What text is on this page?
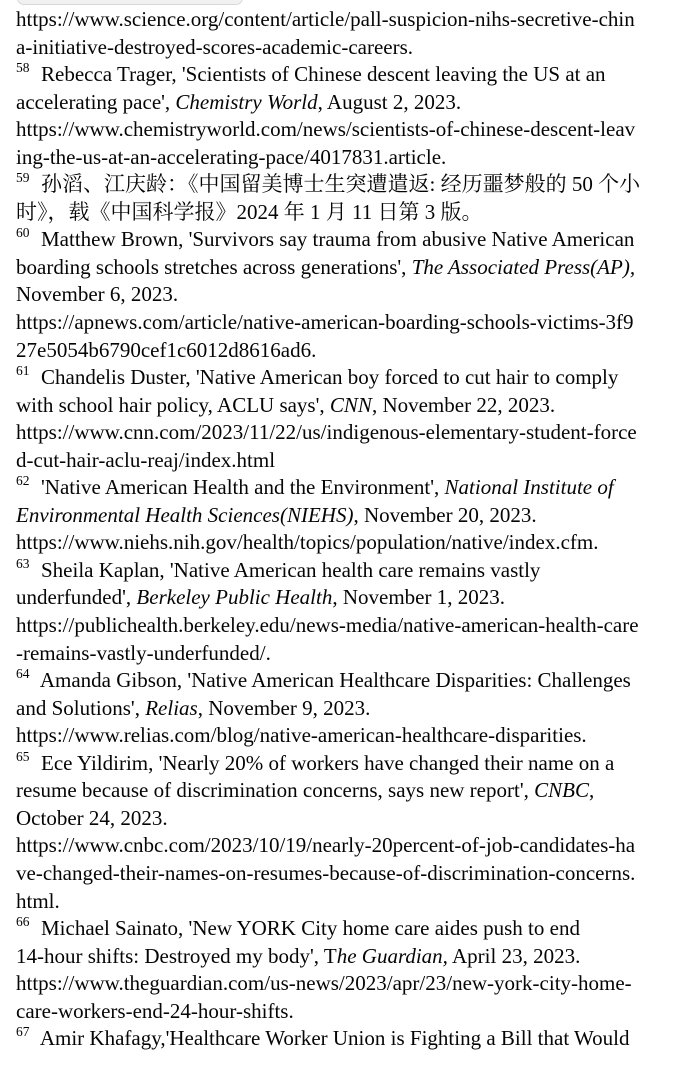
https://www.science.org/content/article/pall-suspicion-nihs-secretive-chin
a-initiative-destroyed-scores-academic-careers.
$^{58}$  Rebecca Trager, 'Scientists of Chinese descent leaving the US at an
accelerating pace', Chemistry World, August 2, 2023.
https://www.chemistryworld.com/news/scientists-of-chinese-descent-leav
ing-the-us-at-an-accelerating-pace/4017831.article.
$^{59}$  孙滔、江庆龄：《中国留美博士生突遭遣返: 经历噩梦般的 50 个小
时》，载《中国科学报》2024 年 1 月 11 日第 3 版。
$^{60}$  Matthew Brown, 'Survivors say trauma from abusive Native American
boarding schools stretches across generations', The Associated Press(AP),
November 6, 2023.
https://apnews.com/article/native-american-boarding-schools-victims-3f9
27e5054b6790cef1c6012d8616ad6.
$^{61}$  Chandelis Duster, 'Native American boy forced to cut hair to comply
with school hair policy, ACLU says', CNN, November 22, 2023.
https://www.cnn.com/2023/11/22/us/indigenous-elementary-student-force
d-cut-hair-aclu-reaj/index.html
$^{62}$  'Native American Health and the Environment', National Institute of
Environmental Health Sciences(NIEHS), November 20, 2023.
https://www.niehs.nih.gov/health/topics/population/native/index.cfm.
$^{63}$  Sheila Kaplan, 'Native American health care remains vastly
underfunded', Berkeley Public Health, November 1, 2023.
https://publichealth.berkeley.edu/news-media/native-american-health-care
-remains-vastly-underfunded/.
$^{64}$  Amanda Gibson, 'Native American Healthcare Disparities: Challenges
and Solutions', Relias, November 9, 2023.
https://www.relias.com/blog/native-american-healthcare-disparities.
$^{65}$  Ece Yildirim, 'Nearly 20% of workers have changed their name on a
resume because of discrimination concerns, says new report', CNBC,
October 24, 2023.
https://www.cnbc.com/2023/10/19/nearly-20percent-of-job-candidates-ha
ve-changed-their-names-on-resumes-because-of-discrimination-concerns.
html.
$^{66}$  Michael Sainato, 'New YORK City home care aides push to end
14-hour shifts: Destroyed my body', The Guardian, April 23, 2023.
https://www.theguardian.com/us-news/2023/apr/23/new-york-city-home-
care-workers-end-24-hour-shifts.
$^{67}$  Amir Khafagy,'Healthcare Worker Union is Fighting a Bill that Would
